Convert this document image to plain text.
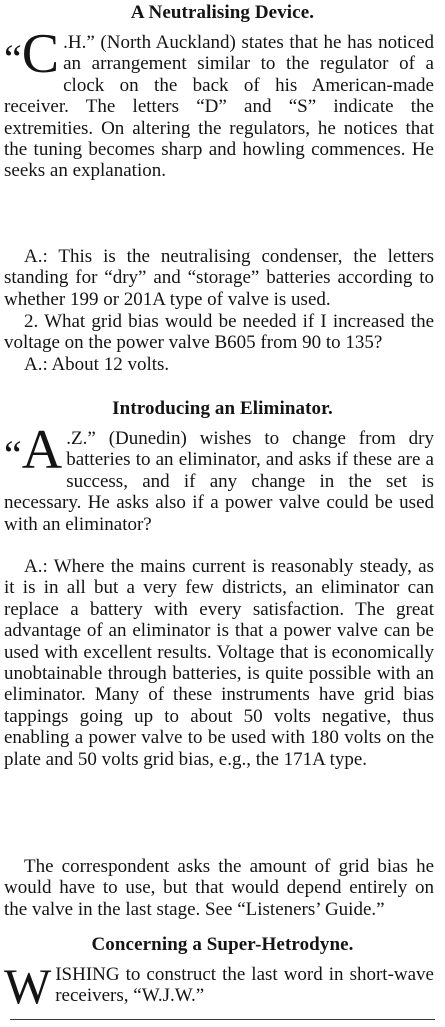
A Neutralising Device.
“C .H.” (North Auckland) states that he has noticed an arrangement similar to the regulator of a clock on the back of his American-made receiver. The letters “D” and “S” indicate the extremities. On altering the regulators, he notices that the tuning becomes sharp and howling commences. He seeks an explanation.
A.: This is the neutralising condenser, the letters standing for “dry” and “storage” batteries according to whether 199 or 201A type of valve is used.
2. What grid bias would be needed if I increased the voltage on the power valve B605 from 90 to 135?
A.: About 12 volts.
Introducing an Eliminator.
“A .Z.” (Dunedin) wishes to change from dry batteries to an eliminator, and asks if these are a success, and if any change in the set is necessary. He asks also if a power valve could be used with an eliminator?
A.: Where the mains current is reasonably steady, as it is in all but a very few districts, an eliminator can replace a battery with every satisfaction. The great advantage of an eliminator is that a power valve can be used with excellent results. Voltage that is economically unobtainable through batteries, is quite possible with an eliminator. Many of these instruments have grid bias tappings going up to about 50 volts negative, thus enabling a power valve to be used with 180 volts on the plate and 50 volts grid bias, e.g., the 171A type.
The correspondent asks the amount of grid bias he would have to use, but that would depend entirely on the valve in the last stage. See “Listeners’ Guide.”
Concerning a Super-Hetrodyne.
WISHING to construct the last word in short-wave receivers, “W.J.W.”
